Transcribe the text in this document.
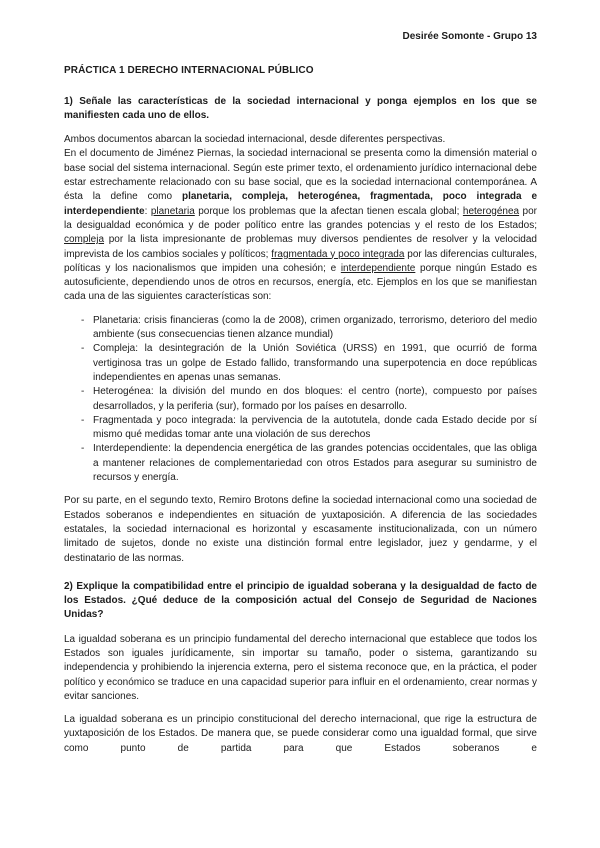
Desirée Somonte - Grupo 13
PRÁCTICA 1 DERECHO INTERNACIONAL PÚBLICO
1) Señale las características de la sociedad internacional y ponga ejemplos en los que se manifiesten cada uno de ellos.

Ambos documentos abarcan la sociedad internacional, desde diferentes perspectivas.

En el documento de Jiménez Piernas, la sociedad internacional se presenta como la dimensión material o base social del sistema internacional. Según este primer texto, el ordenamiento jurídico internacional debe estar estrechamente relacionado con su base social, que es la sociedad internacional contemporánea. A ésta la define como planetaria, compleja, heterogénea, fragmentada, poco integrada e interdependiente: planetaria porque los problemas que la afectan tienen escala global; heterogénea por la desigualdad económica y de poder político entre las grandes potencias y el resto de los Estados; compleja por la lista impresionante de problemas muy diversos pendientes de resolver y la velocidad imprevista de los cambios sociales y políticos; fragmentada y poco integrada por las diferencias culturales, políticas y los nacionalismos que impiden una cohesión; e interdependiente porque ningún Estado es autosuficiente, dependiendo unos de otros en recursos, energía, etc. Ejemplos en los que se manifiestan cada una de las siguientes características son:

- Planetaria: crisis financieras (como la de 2008), crimen organizado, terrorismo, deterioro del medio ambiente (sus consecuencias tienen alzance mundial)
- Compleja: la desintegración de la Unión Soviética (URSS) en 1991, que ocurrió de forma vertiginosa tras un golpe de Estado fallido, transformando una superpotencia en doce repúblicas independientes en apenas unas semanas.
- Heterogénea: la división del mundo en dos bloques: el centro (norte), compuesto por países desarrollados, y la periferia (sur), formado por los países en desarrollo.
- Fragmentada y poco integrada: la pervivencia de la autotutela, donde cada Estado decide por sí mismo qué medidas tomar ante una violación de sus derechos
- Interdependiente: la dependencia energética de las grandes potencias occidentales, que las obliga a mantener relaciones de complementariedad con otros Estados para asegurar su suministro de recursos y energía.

Por su parte, en el segundo texto, Remiro Brotons define la sociedad internacional como una sociedad de Estados soberanos e independientes en situación de yuxtaposición. A diferencia de las sociedades estatales, la sociedad internacional es horizontal y escasamente institucionalizada, con un número limitado de sujetos, donde no existe una distinción formal entre legislador, juez y gendarme, y el destinatario de las normas.

2) Explique la compatibilidad entre el principio de igualdad soberana y la desigualdad de facto de los Estados. ¿Qué deduce de la composición actual del Consejo de Seguridad de Naciones Unidas?

La igualdad soberana es un principio fundamental del derecho internacional que establece que todos los Estados son iguales jurídicamente, sin importar su tamaño, poder o sistema, garantizando su independencia y prohibiendo la injerencia externa, pero el sistema reconoce que, en la práctica, el poder político y económico se traduce en una capacidad superior para influir en el ordenamiento, crear normas y evitar sanciones.

La igualdad soberana es un principio constitucional del derecho internacional, que rige la estructura de yuxtaposición de los Estados. De manera que, se puede considerar como una igualdad formal, que sirve como punto de partida para que Estados soberanos e
